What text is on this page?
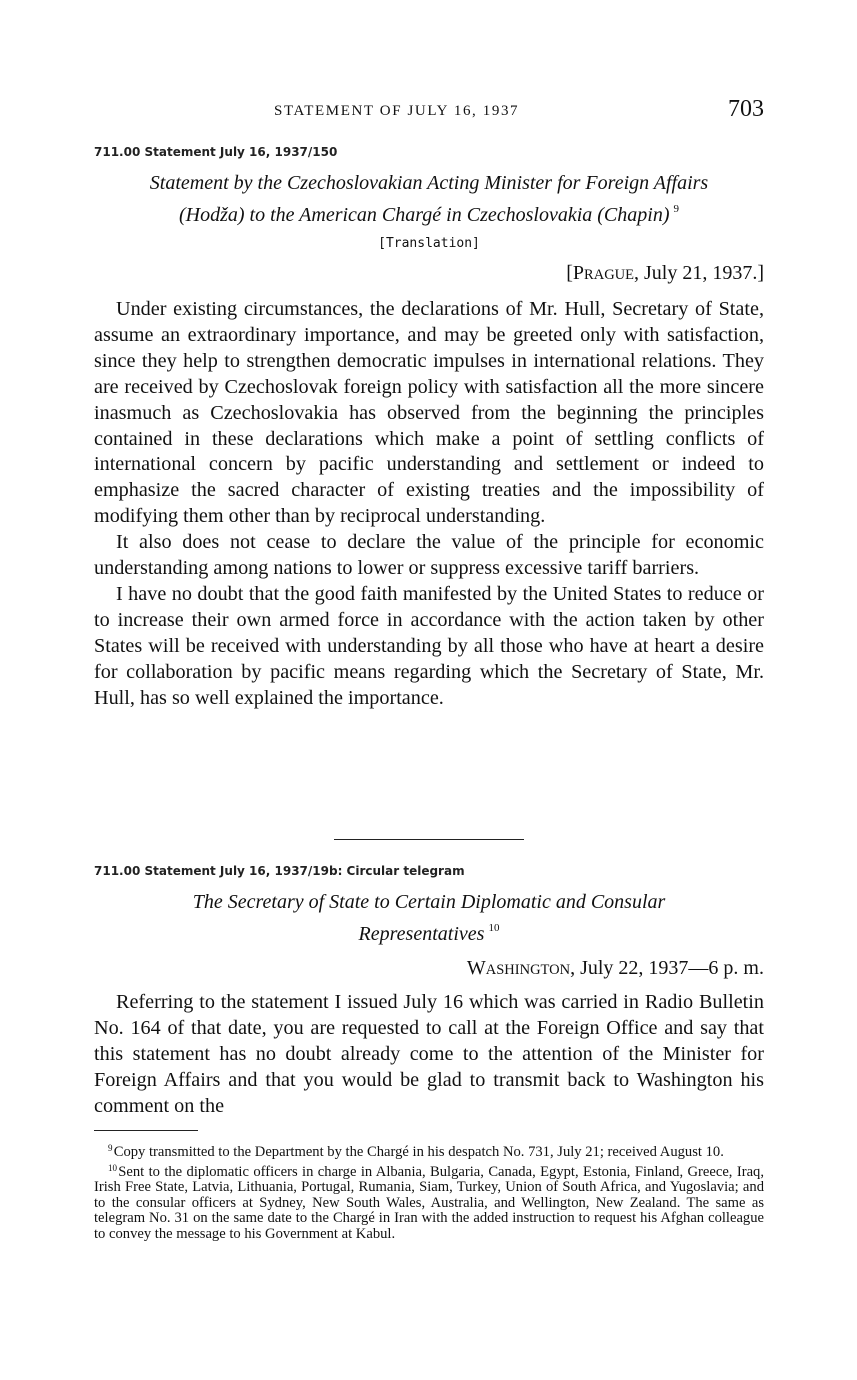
STATEMENT OF JULY 16, 1937	703
711.00 Statement July 16, 1937/150
Statement by the Czechoslovakian Acting Minister for Foreign Affairs
(Hodža) to the American Chargé in Czechoslovakia (Chapin)  $^9$
[Translation]
[PRAGUE, July 21, 1937.]

Under existing circumstances, the declarations of Mr. Hull, Secretary of State, assume an extraordinary importance, and may be greeted only with satisfaction, since they help to strengthen democratic impulses in international relations. They are received by Czechoslovak foreign policy with satisfaction all the more sincere inasmuch as Czechoslovakia has observed from the beginning the principles contained in these declarations which make a point of settling conflicts of international concern by pacific understanding and settlement or indeed to emphasize the sacred character of existing treaties and the impossibility of modifying them other than by reciprocal understanding.

It also does not cease to declare the value of the principle for economic understanding among nations to lower or suppress excessive tariff barriers.

I have no doubt that the good faith manifested by the United States to reduce or to increase their own armed force in accordance with the action taken by other States will be received with understanding by all those who have at heart a desire for collaboration by pacific means regarding which the Secretary of State, Mr. Hull, has so well explained the importance.

711.00 Statement July 16, 1937/19b: Circular telegram
The Secretary of State to Certain Diplomatic and Consular
Representatives  $^{10}$
WASHINGTON, July 22, 1937—6 p. m.

Referring to the statement I issued July 16 which was carried in Radio Bulletin No. 164 of that date, you are requested to call at the Foreign Office and say that this statement has no doubt already come to the attention of the Minister for Foreign Affairs and that you would be glad to transmit back to Washington his comment on the

$^9$ Copy transmitted to the Department by the Chargé in his despatch No. 731, July 21; received August 10.

$^{10}$ Sent to the diplomatic officers in charge in Albania, Bulgaria, Canada, Egypt, Estonia, Finland, Greece, Iraq, Irish Free State, Latvia, Lithuania, Portugal, Rumania, Siam, Turkey, Union of South Africa, and Yugoslavia; and to the consular officers at Sydney, New South Wales, Australia, and Wellington, New Zealand. The same as telegram No. 31 on the same date to the Chargé in Iran with the added instruction to request his Afghan colleague to convey the message to his Government at Kabul.
